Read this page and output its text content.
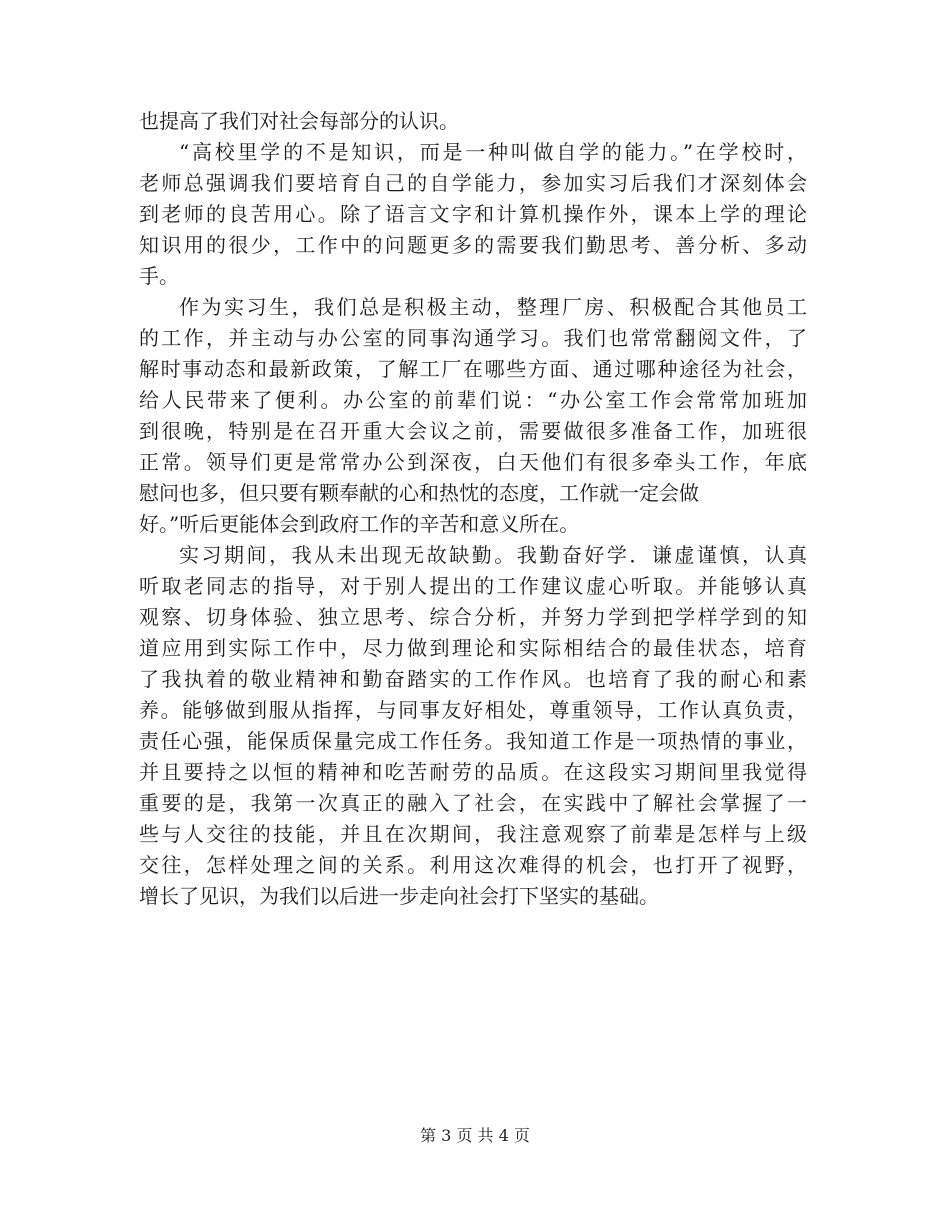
也提高了我们对社会每部分的认识。
“高校里学的不是知识，而是一种叫做自学的能力。”在学校时，
老师总强调我们要培育自己的自学能力，参加实习后我们才深刻体会
到老师的良苦用心。除了语言文字和计算机操作外，课本上学的理论
知识用的很少，工作中的问题更多的需要我们勤思考、善分析、多动
手。
作为实习生，我们总是积极主动，整理厂房、积极配合其他员工
的工作，并主动与办公室的同事沟通学习。我们也常常翻阅文件，了
解时事动态和最新政策，了解工厂在哪些方面、通过哪种途径为社会，
给人民带来了便利。办公室的前辈们说：“办公室工作会常常加班加
到很晚，特别是在召开重大会议之前，需要做很多准备工作，加班很
正常。领导们更是常常办公到深夜，白天他们有很多牵头工作，年底
慰问也多，但只要有颗奉献的心和热忱的态度，工作就一定会做
好。”听后更能体会到政府工作的辛苦和意义所在。
实习期间，我从未出现无故缺勤。我勤奋好学．谦虚谨慎，认真
听取老同志的指导，对于别人提出的工作建议虚心听取。并能够认真
观察、切身体验、独立思考、综合分析，并努力学到把学样学到的知
道应用到实际工作中，尽力做到理论和实际相结合的最佳状态，培育
了我执着的敬业精神和勤奋踏实的工作作风。也培育了我的耐心和素
养。能够做到服从指挥，与同事友好相处，尊重领导，工作认真负责，
责任心强，能保质保量完成工作任务。我知道工作是一项热情的事业，
并且要持之以恒的精神和吃苦耐劳的品质。在这段实习期间里我觉得
重要的是，我第一次真正的融入了社会，在实践中了解社会掌握了一
些与人交往的技能，并且在次期间，我注意观察了前辈是怎样与上级
交往，怎样处理之间的关系。利用这次难得的机会，也打开了视野，
增长了见识，为我们以后进一步走向社会打下坚实的基础。
第 3 页 共 4 页
